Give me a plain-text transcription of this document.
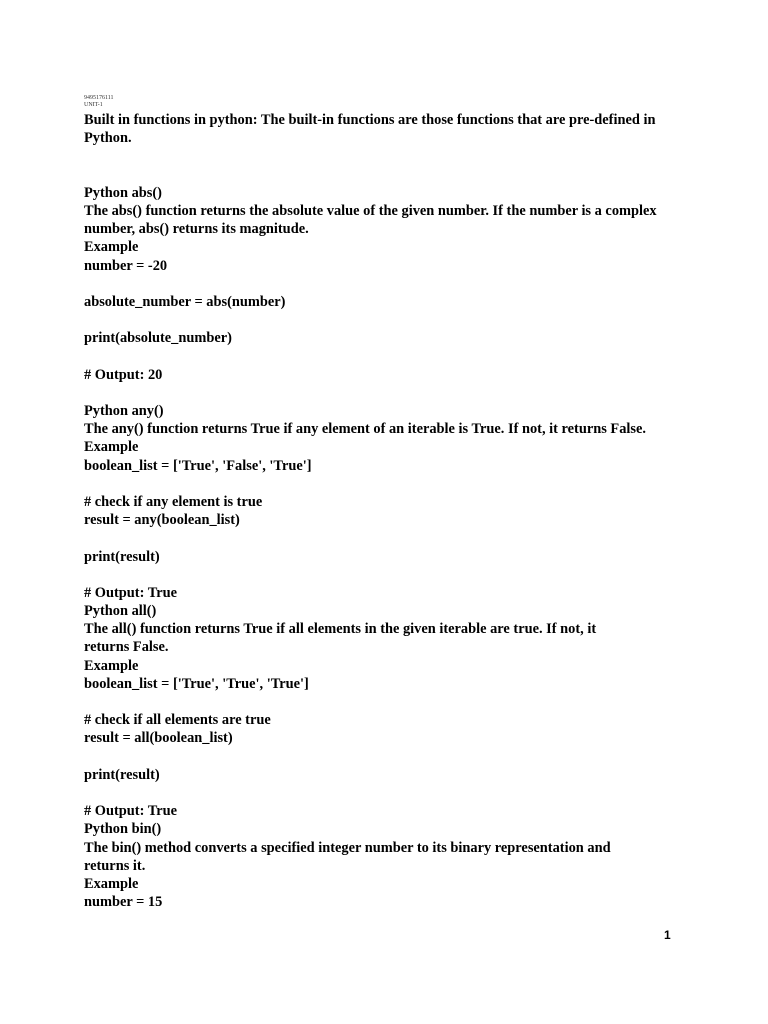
9495176111
UNIT-1
Built in functions in python: The built-in functions are those functions that are pre-defined in
Python.
Python abs()
The abs() function returns the absolute value of the given number. If the number is a complex
number, abs() returns its magnitude.
Example
number = -20
absolute_number = abs(number)
print(absolute_number)
# Output: 20
Python any()
The any() function returns True if any element of an iterable is True. If not, it returns False.
Example
boolean_list = ['True', 'False', 'True']
# check if any element is true
result = any(boolean_list)
print(result)
# Output: True
Python all()
The all() function returns True if all elements in the given iterable are true. If not, it
returns False.
Example
boolean_list = ['True', 'True', 'True']
# check if all elements are true
result = all(boolean_list)
print(result)
# Output: True
Python bin()
The bin() method converts a specified integer number to its binary representation and
returns it.
Example
number = 15
1
